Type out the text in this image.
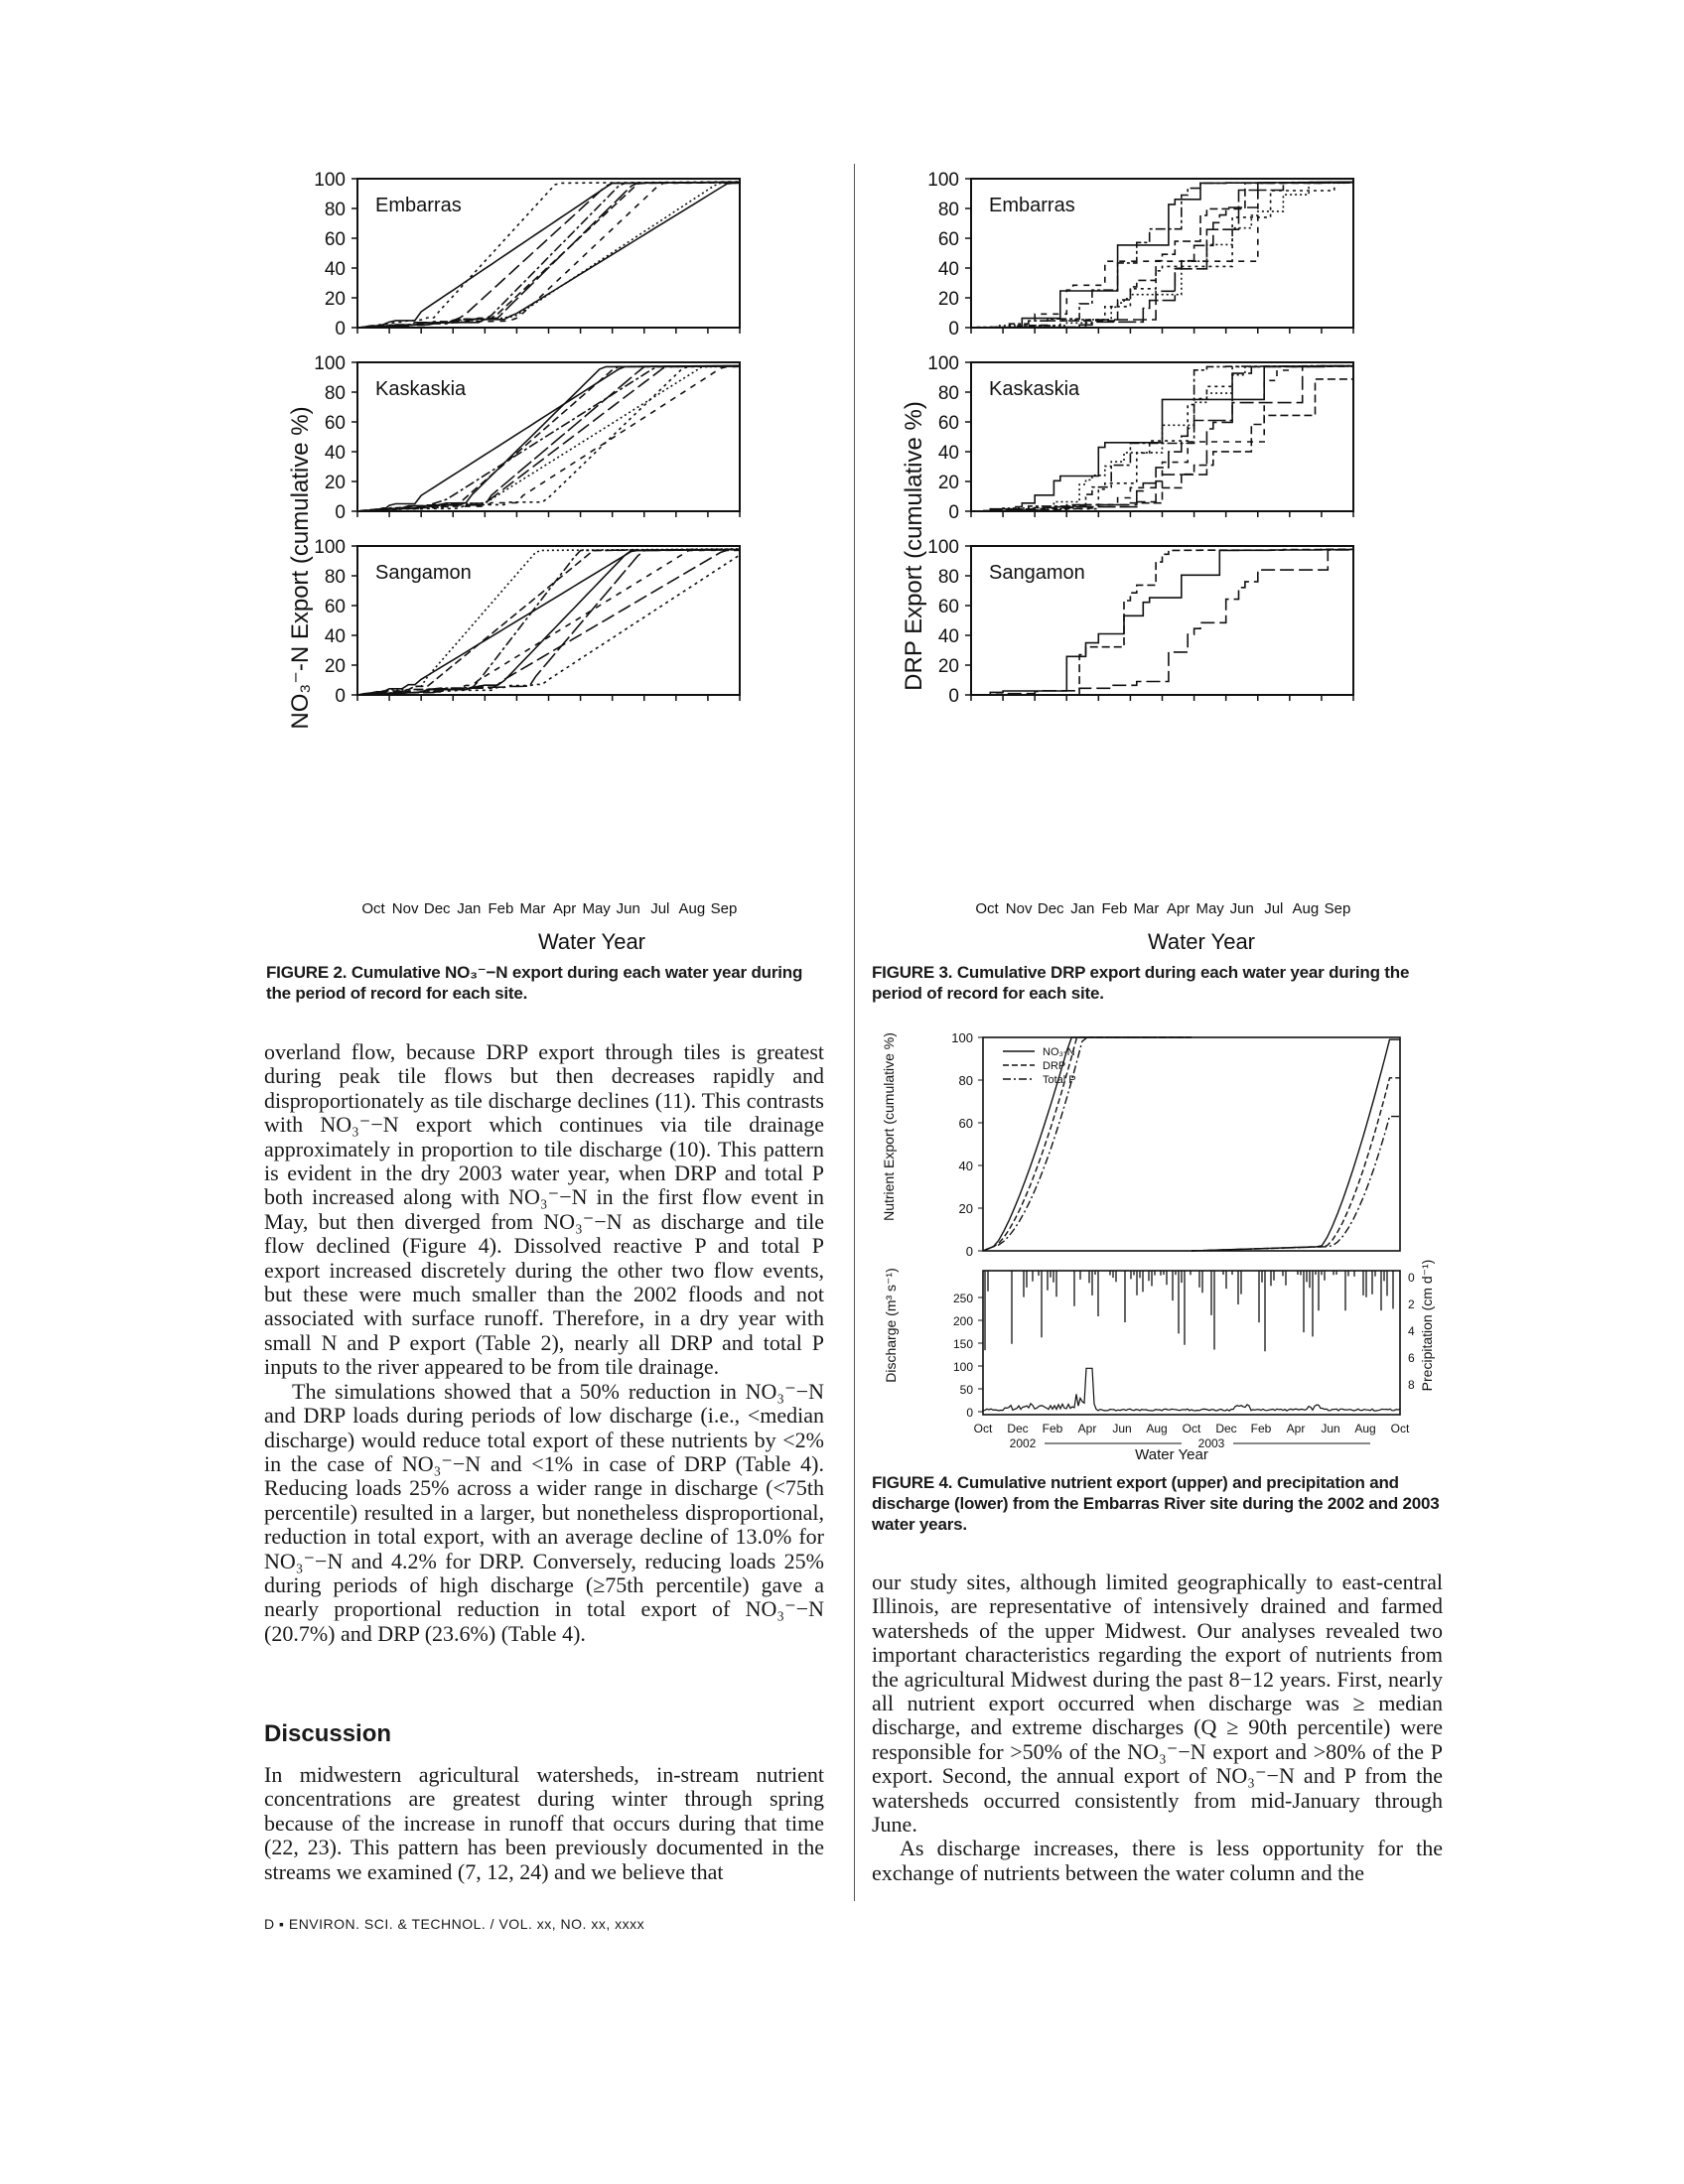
NO₃⁻-N Export (cumulative %)
0
20
40
60
80
100
Embarras
0
20
40
60
80
100
Kaskaskia
0
20
40
60
80
100
Sangamon
Oct Nov Dec Jan Feb Mar Apr May Jun Jul Aug Sep
Water Year
FIGURE 2. Cumulative NO₃⁻−N export during each water year during the period of record for each site.
DRP Export (cumulative %)
0
20
40
60
80
100
Embarras
0
20
40
60
80
100
Kaskaskia
0
20
40
60
80
100
Sangamon
Oct Nov Dec Jan Feb Mar Apr May Jun Jul Aug Sep
Water Year
FIGURE 3. Cumulative DRP export during each water year during the period of record for each site.
Nutrient Export (cumulative %)
Discharge (m³ s⁻¹)	Precipitation (cm d⁻¹)
0
20
40
60
80
100
NO₃-N
DRP
Total P
0
50
100
150
200
250
0
2
4
6
8
Oct Dec Feb Apr Jun Aug Oct Dec Feb Apr Jun Aug Oct
2002	2003
Water Year
FIGURE 4. Cumulative nutrient export (upper) and precipitation and discharge (lower) from the Embarras River site during the 2002 and 2003 water years.

overland flow, because DRP export through tiles is greatest during peak tile flows but then decreases rapidly and disproportionately as tile discharge declines (11). This contrasts with NO₃⁻−N export which continues via tile drainage approximately in proportion to tile discharge (10). This pattern is evident in the dry 2003 water year, when DRP and total P both increased along with NO₃⁻−N in the first flow event in May, but then diverged from NO₃⁻−N as discharge and tile flow declined (Figure 4). Dissolved reactive P and total P export increased discretely during the other two flow events, but these were much smaller than the 2002 floods and not associated with surface runoff. Therefore, in a dry year with small N and P export (Table 2), nearly all DRP and total P inputs to the river appeared to be from tile drainage.

The simulations showed that a 50% reduction in NO₃⁻−N and DRP loads during periods of low discharge (i.e., <median discharge) would reduce total export of these nutrients by <2% in the case of NO₃⁻−N and <1% in case of DRP (Table 4). Reducing loads 25% across a wider range in discharge (<75th percentile) resulted in a larger, but nonetheless disproportional, reduction in total export, with an average decline of 13.0% for NO₃⁻−N and 4.2% for DRP. Conversely, reducing loads 25% during periods of high discharge (≥75th percentile) gave a nearly proportional reduction in total export of NO₃⁻−N (20.7%) and DRP (23.6%) (Table 4).

Discussion

In midwestern agricultural watersheds, in-stream nutrient concentrations are greatest during winter through spring because of the increase in runoff that occurs during that time (22, 23). This pattern has been previously documented in the streams we examined (7, 12, 24) and we believe that

our study sites, although limited geographically to east-central Illinois, are representative of intensively drained and farmed watersheds of the upper Midwest. Our analyses revealed two important characteristics regarding the export of nutrients from the agricultural Midwest during the past 8−12 years. First, nearly all nutrient export occurred when discharge was ≥ median discharge, and extreme discharges (Q ≥ 90th percentile) were responsible for >50% of the NO₃⁻−N export and >80% of the P export. Second, the annual export of NO₃⁻−N and P from the watersheds occurred consistently from mid-January through June.

As discharge increases, there is less opportunity for the exchange of nutrients between the water column and the

D ▪ ENVIRON. SCI. & TECHNOL. / VOL. xx, NO. xx, xxxx
